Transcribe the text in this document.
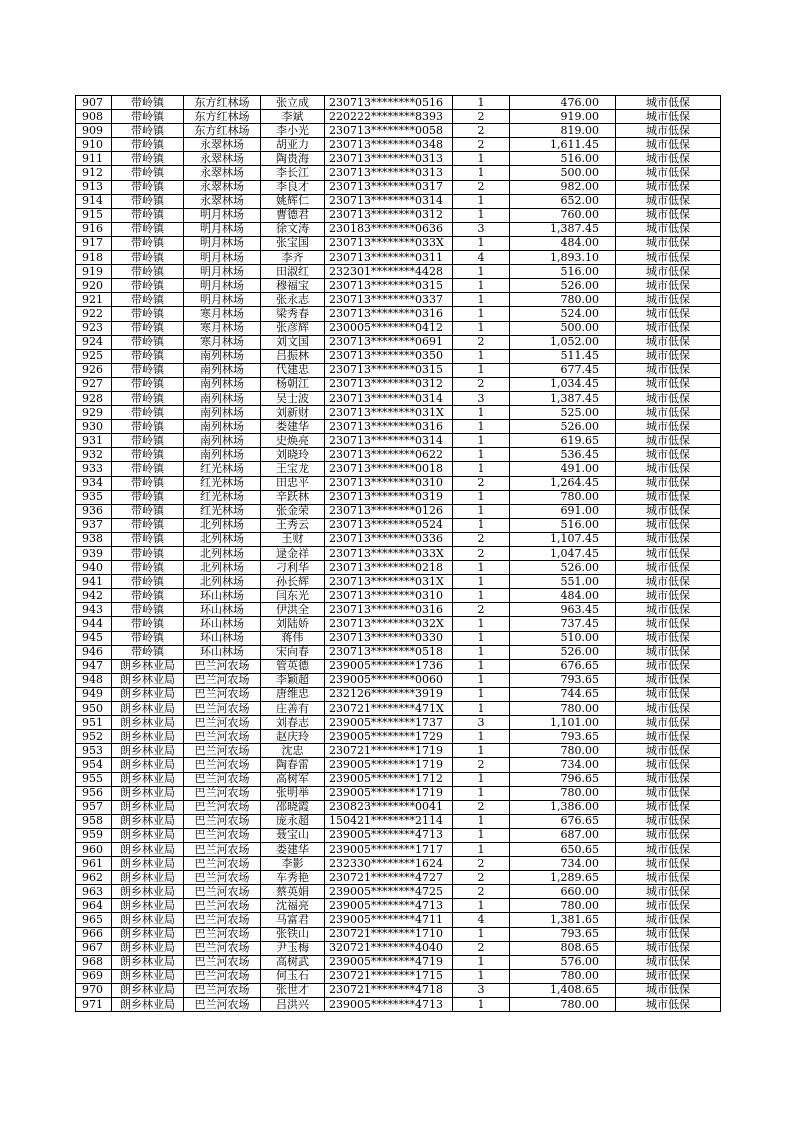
907	带岭镇	东方红林场	张立成	230713********0516	1	476.00	城市低保
908	带岭镇	东方红林场	李斌	220222********8393	2	919.00	城市低保
909	带岭镇	东方红林场	李小光	230713********0058	2	819.00	城市低保
910	带岭镇	永翠林场	胡亚力	230713********0348	2	1,611.45	城市低保
911	带岭镇	永翠林场	陶贵海	230713********0313	1	516.00	城市低保
912	带岭镇	永翠林场	李长江	230713********0313	1	500.00	城市低保
913	带岭镇	永翠林场	李良才	230713********0317	2	982.00	城市低保
914	带岭镇	永翠林场	姚辉仁	230713********0314	1	652.00	城市低保
915	带岭镇	明月林场	曹德君	230713********0312	1	760.00	城市低保
916	带岭镇	明月林场	徐文涛	230183********0636	3	1,387.45	城市低保
917	带岭镇	明月林场	张宝国	230713********033X	1	484.00	城市低保
918	带岭镇	明月林场	李齐	230713********0311	4	1,893.10	城市低保
919	带岭镇	明月林场	田淑红	232301********4428	1	516.00	城市低保
920	带岭镇	明月林场	穆福宝	230713********0315	1	526.00	城市低保
921	带岭镇	明月林场	张永志	230713********0337	1	780.00	城市低保
922	带岭镇	寒月林场	梁秀春	230713********0316	1	524.00	城市低保
923	带岭镇	寒月林场	张彦辉	230005********0412	1	500.00	城市低保
924	带岭镇	寒月林场	刘文国	230713********0691	2	1,052.00	城市低保
925	带岭镇	南列林场	吕振林	230713********0350	1	511.45	城市低保
926	带岭镇	南列林场	代建忠	230713********0315	1	677.45	城市低保
927	带岭镇	南列林场	杨朝江	230713********0312	2	1,034.45	城市低保
928	带岭镇	南列林场	吴士波	230713********0314	3	1,387.45	城市低保
929	带岭镇	南列林场	刘新财	230713********031X	1	525.00	城市低保
930	带岭镇	南列林场	娄建华	230713********0316	1	526.00	城市低保
931	带岭镇	南列林场	史焕亮	230713********0314	1	619.65	城市低保
932	带岭镇	南列林场	刘晓玲	230713********0622	1	536.45	城市低保
933	带岭镇	红光林场	王宝龙	230713********0018	1	491.00	城市低保
934	带岭镇	红光林场	田忠平	230713********0310	2	1,264.45	城市低保
935	带岭镇	红光林场	辛跃林	230713********0319	1	780.00	城市低保
936	带岭镇	红光林场	张金荣	230713********0126	1	691.00	城市低保
937	带岭镇	北列林场	王秀云	230713********0524	1	516.00	城市低保
938	带岭镇	北列林场	王财	230713********0336	2	1,107.45	城市低保
939	带岭镇	北列林场	逯金祥	230713********033X	2	1,047.45	城市低保
940	带岭镇	北列林场	刁利华	230713********0218	1	526.00	城市低保
941	带岭镇	北列林场	孙长辉	230713********031X	1	551.00	城市低保
942	带岭镇	环山林场	闫东光	230713********0310	1	484.00	城市低保
943	带岭镇	环山林场	伊洪全	230713********0316	2	963.45	城市低保
944	带岭镇	环山林场	刘陆娇	230713********032X	1	737.45	城市低保
945	带岭镇	环山林场	蒋伟	230713********0330	1	510.00	城市低保
946	带岭镇	环山林场	宋向春	230713********0518	1	526.00	城市低保
947	朗乡林业局	巴兰河农场	管英德	239005********1736	1	676.65	城市低保
948	朗乡林业局	巴兰河农场	李颖超	239005********0060	1	793.65	城市低保
949	朗乡林业局	巴兰河农场	唐维忠	232126********3919	1	744.65	城市低保
950	朗乡林业局	巴兰河农场	庄善有	230721********471X	1	780.00	城市低保
951	朗乡林业局	巴兰河农场	刘春志	239005********1737	3	1,101.00	城市低保
952	朗乡林业局	巴兰河农场	赵庆玲	239005********1729	1	793.65	城市低保
953	朗乡林业局	巴兰河农场	沈忠	230721********1719	1	780.00	城市低保
954	朗乡林业局	巴兰河农场	陶春雷	239005********1719	2	734.00	城市低保
955	朗乡林业局	巴兰河农场	高树军	239005********1712	1	796.65	城市低保
956	朗乡林业局	巴兰河农场	张明举	239005********1719	1	780.00	城市低保
957	朗乡林业局	巴兰河农场	邵晓霞	230823********0041	2	1,386.00	城市低保
958	朗乡林业局	巴兰河农场	庞永超	150421********2114	1	676.65	城市低保
959	朗乡林业局	巴兰河农场	聂宝山	239005********4713	1	687.00	城市低保
960	朗乡林业局	巴兰河农场	娄建华	239005********1717	1	650.65	城市低保
961	朗乡林业局	巴兰河农场	李影	232330********1624	2	734.00	城市低保
962	朗乡林业局	巴兰河农场	车秀艳	230721********4727	2	1,289.65	城市低保
963	朗乡林业局	巴兰河农场	蔡英娟	239005********4725	2	660.00	城市低保
964	朗乡林业局	巴兰河农场	沈福亮	239005********4713	1	780.00	城市低保
965	朗乡林业局	巴兰河农场	马富君	239005********4711	4	1,381.65	城市低保
966	朗乡林业局	巴兰河农场	张铁山	230721********1710	1	793.65	城市低保
967	朗乡林业局	巴兰河农场	尹玉梅	320721********4040	2	808.65	城市低保
968	朗乡林业局	巴兰河农场	高树武	239005********4719	1	576.00	城市低保
969	朗乡林业局	巴兰河农场	何玉石	230721********1715	1	780.00	城市低保
970	朗乡林业局	巴兰河农场	张世才	230721********4718	3	1,408.65	城市低保
971	朗乡林业局	巴兰河农场	吕洪兴	239005********4713	1	780.00	城市低保
